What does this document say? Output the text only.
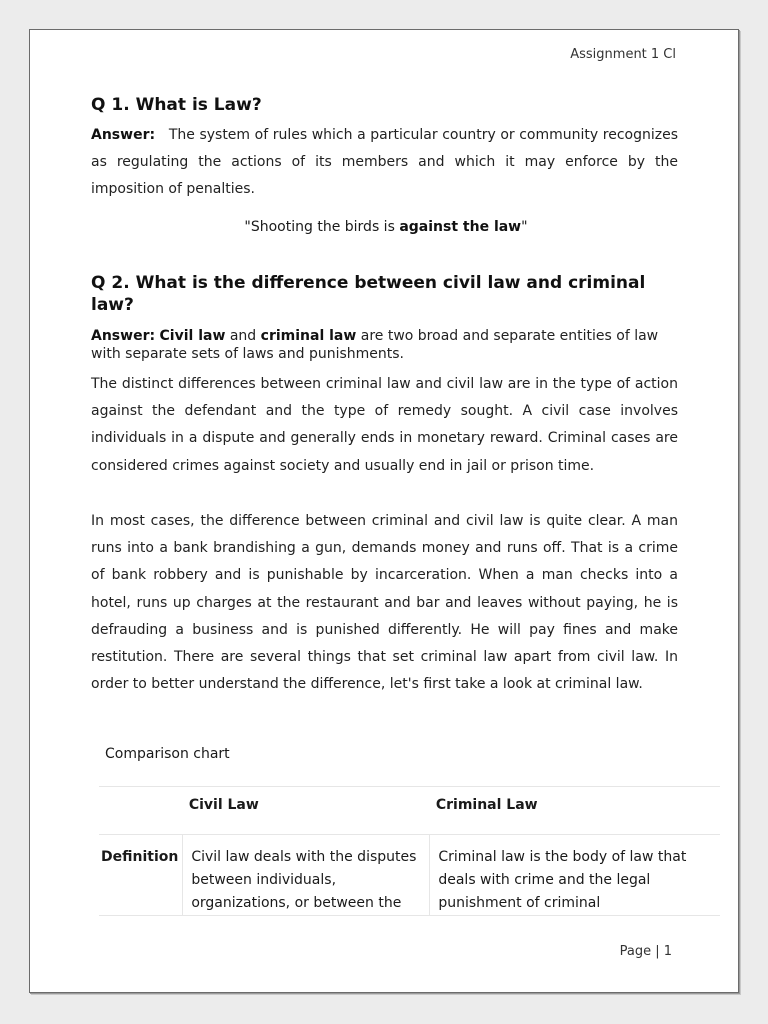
Assignment 1 Cl
Q 1. What is Law?
Answer: The system of rules which a particular country or community recognizes as regulating the actions of its members and which it may enforce by the imposition of penalties.
"Shooting the birds is against the law"
Q 2. What is the difference between civil law and criminal law?
Answer: Civil law and criminal law are two broad and separate entities of law with separate sets of laws and punishments.
The distinct differences between criminal law and civil law are in the type of action against the defendant and the type of remedy sought. A civil case involves individuals in a dispute and generally ends in monetary reward. Criminal cases are considered crimes against society and usually end in jail or prison time.
In most cases, the difference between criminal and civil law is quite clear. A man runs into a bank brandishing a gun, demands money and runs off. That is a crime of bank robbery and is punishable by incarceration. When a man checks into a hotel, runs up charges at the restaurant and bar and leaves without paying, he is defrauding a business and is punished differently. He will pay fines and make restitution. There are several things that set criminal law apart from civil law. In order to better understand the difference, let's first take a look at criminal law.
Comparison chart
	Civil Law	Criminal Law
Definition	Civil law deals with the disputes between individuals, organizations, or between the	Criminal law is the body of law that deals with crime and the legal punishment of criminal
Page | 1
